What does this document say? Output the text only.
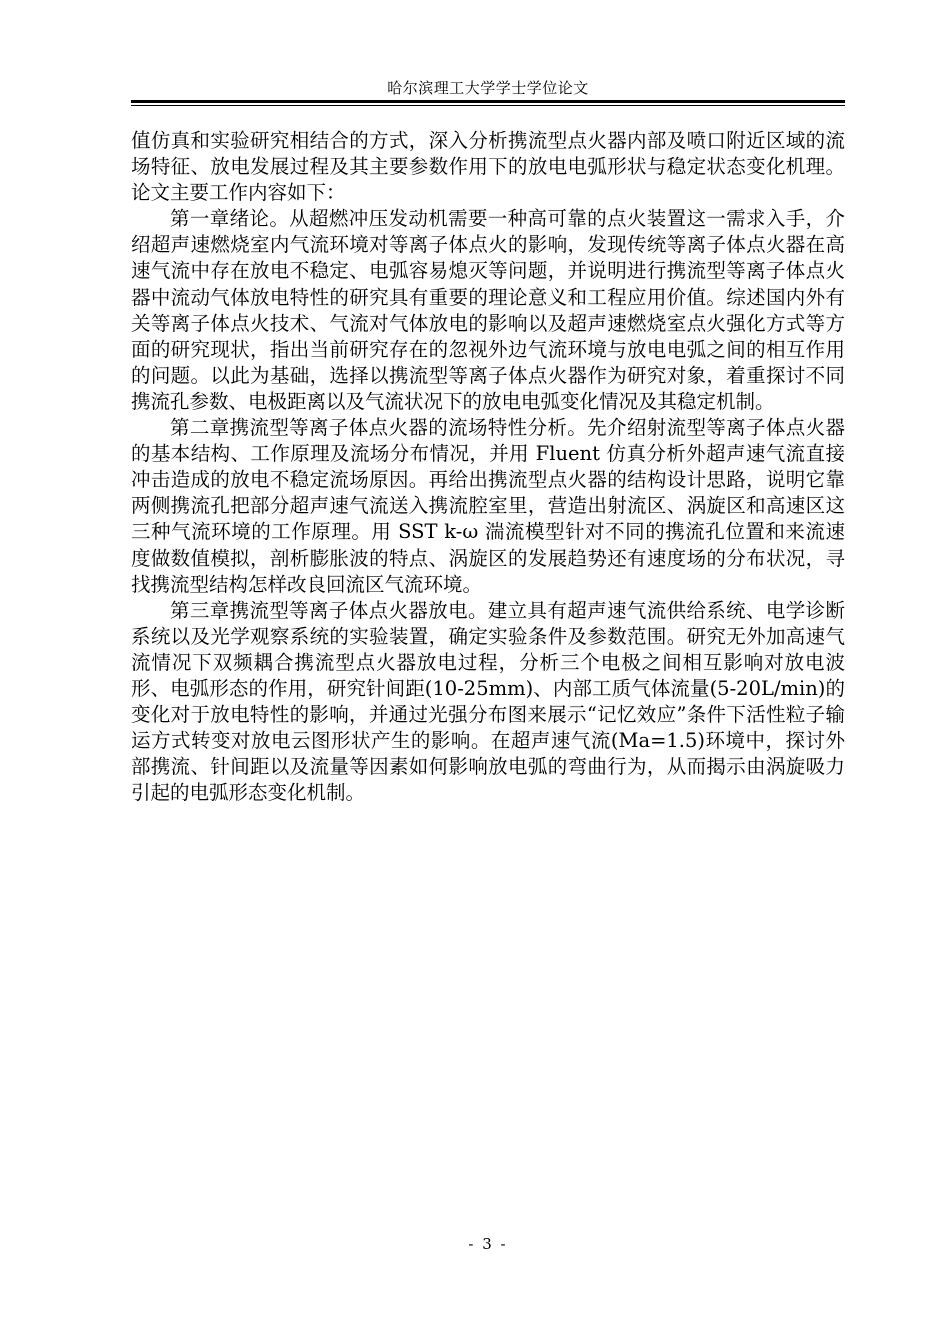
哈尔滨理工大学学士学位论文

值仿真和实验研究相结合的方式，深入分析携流型点火器内部及喷口附近区域的流场特征、放电发展过程及其主要参数作用下的放电电弧形状与稳定状态变化机理。论文主要工作内容如下：

第一章绪论。从超燃冲压发动机需要一种高可靠的点火装置这一需求入手，介绍超声速燃烧室内气流环境对等离子体点火的影响，发现传统等离子体点火器在高速气流中存在放电不稳定、电弧容易熄灭等问题，并说明进行携流型等离子体点火器中流动气体放电特性的研究具有重要的理论意义和工程应用价值。综述国内外有关等离子体点火技术、气流对气体放电的影响以及超声速燃烧室点火强化方式等方面的研究现状，指出当前研究存在的忽视外边气流环境与放电电弧之间的相互作用的问题。以此为基础，选择以携流型等离子体点火器作为研究对象，着重探讨不同携流孔参数、电极距离以及气流状况下的放电电弧变化情况及其稳定机制。

第二章携流型等离子体点火器的流场特性分析。先介绍射流型等离子体点火器的基本结构、工作原理及流场分布情况，并用 Fluent 仿真分析外超声速气流直接冲击造成的放电不稳定流场原因。再给出携流型点火器的结构设计思路，说明它靠两侧携流孔把部分超声速气流送入携流腔室里，营造出射流区、涡旋区和高速区这三种气流环境的工作原理。用 SST k-ω 湍流模型针对不同的携流孔位置和来流速度做数值模拟，剖析膨胀波的特点、涡旋区的发展趋势还有速度场的分布状况，寻找携流型结构怎样改良回流区气流环境。

第三章携流型等离子体点火器放电。建立具有超声速气流供给系统、电学诊断系统以及光学观察系统的实验装置，确定实验条件及参数范围。研究无外加高速气流情况下双频耦合携流型点火器放电过程，分析三个电极之间相互影响对放电波形、电弧形态的作用，研究针间距(10-25mm)、内部工质气体流量(5-20L/min)的变化对于放电特性的影响，并通过光强分布图来展示“记忆效应”条件下活性粒子输运方式转变对放电云图形状产生的影响。在超声速气流(Ma=1.5)环境中，探讨外部携流、针间距以及流量等因素如何影响放电弧的弯曲行为，从而揭示由涡旋吸力引起的电弧形态变化机制。

- 3 -
